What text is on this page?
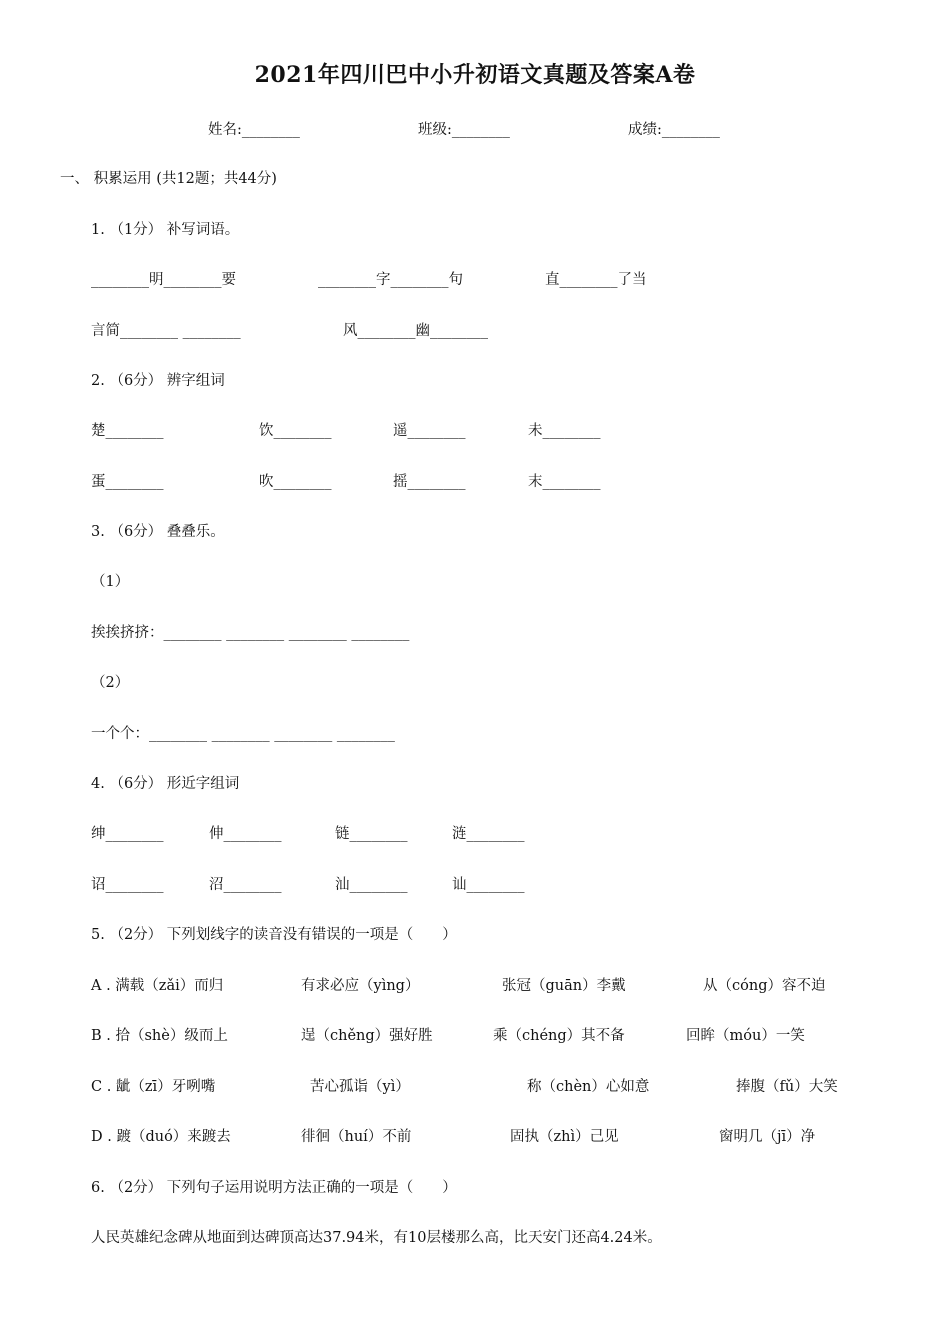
2021年四川巴中小升初语文真题及答案A卷
姓名:________	班级:________	成绩:________
一、 积累运用 (共12题；共44分)
1. （1分） 补写词语。
________明________要	________字________句	直________了当
言简________ ________	风________幽________
2. （6分） 辨字组词
楚________	饮________	遥________	未________
蛋________	吹________	摇________	末________
3. （6分） 叠叠乐。
（1）
挨挨挤挤：________ ________ ________ ________
（2）
一个个：________ ________ ________ ________
4. （6分） 形近字组词
绅________	伸________	链________	涟________
诏________	沼________	汕________	讪________
5. （2分） 下列划线字的读音没有错误的一项是（　　）
A . 满载（zǎi）而归	有求必应（yìng）	张冠（guān）李戴	从（cóng）容不迫
B . 拾（shè）级而上	逞（chěng）强好胜	乘（chéng）其不备	回眸（móu）一笑
C . 龇（zī）牙咧嘴	苦心孤诣（yì）	称（chèn）心如意	捧腹（fǔ）大笑
D . 踱（duó）来踱去	徘徊（huí）不前	固执（zhì）己见	窗明几（jī）净
6. （2分） 下列句子运用说明方法正确的一项是（　　）
人民英雄纪念碑从地面到达碑顶高达37.94米，有10层楼那么高，比天安门还高4.24米。
